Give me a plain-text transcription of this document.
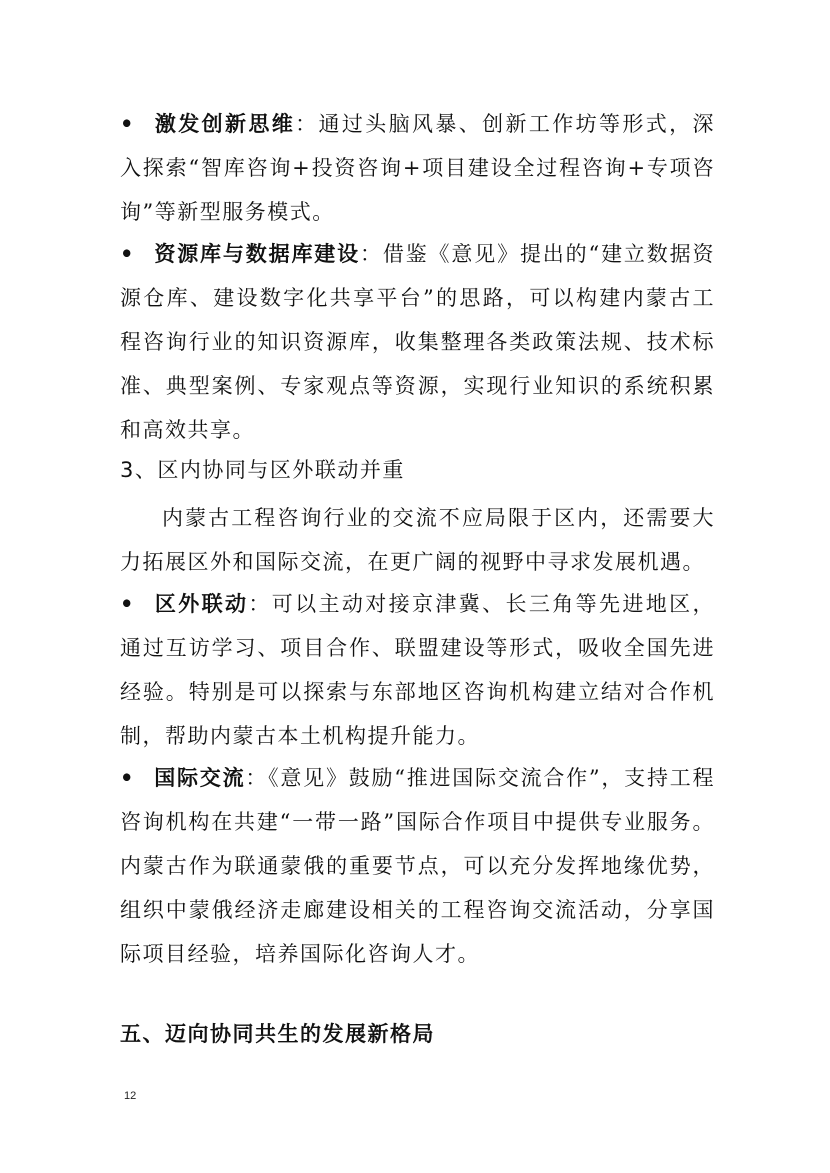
• 激发创新思维：通过头脑风暴、创新工作坊等形式，深入探索“智库咨询+投资咨询+项目建设全过程咨询+专项咨询”等新型服务模式。
• 资源库与数据库建设：借鉴《意见》提出的“建立数据资源仓库、建设数字化共享平台”的思路，可以构建内蒙古工程咨询行业的知识资源库，收集整理各类政策法规、技术标准、典型案例、专家观点等资源，实现行业知识的系统积累和高效共享。
3、区内协同与区外联动并重
内蒙古工程咨询行业的交流不应局限于区内，还需要大力拓展区外和国际交流，在更广阔的视野中寻求发展机遇。
• 区外联动：可以主动对接京津冀、长三角等先进地区，通过互访学习、项目合作、联盟建设等形式，吸收全国先进经验。特别是可以探索与东部地区咨询机构建立结对合作机制，帮助内蒙古本土机构提升能力。
• 国际交流：《意见》鼓励“推进国际交流合作”，支持工程咨询机构在共建“一带一路”国际合作项目中提供专业服务。内蒙古作为联通蒙俄的重要节点，可以充分发挥地缘优势，组织中蒙俄经济走廊建设相关的工程咨询交流活动，分享国际项目经验，培养国际化咨询人才。
五、迈向协同共生的发展新格局
12
